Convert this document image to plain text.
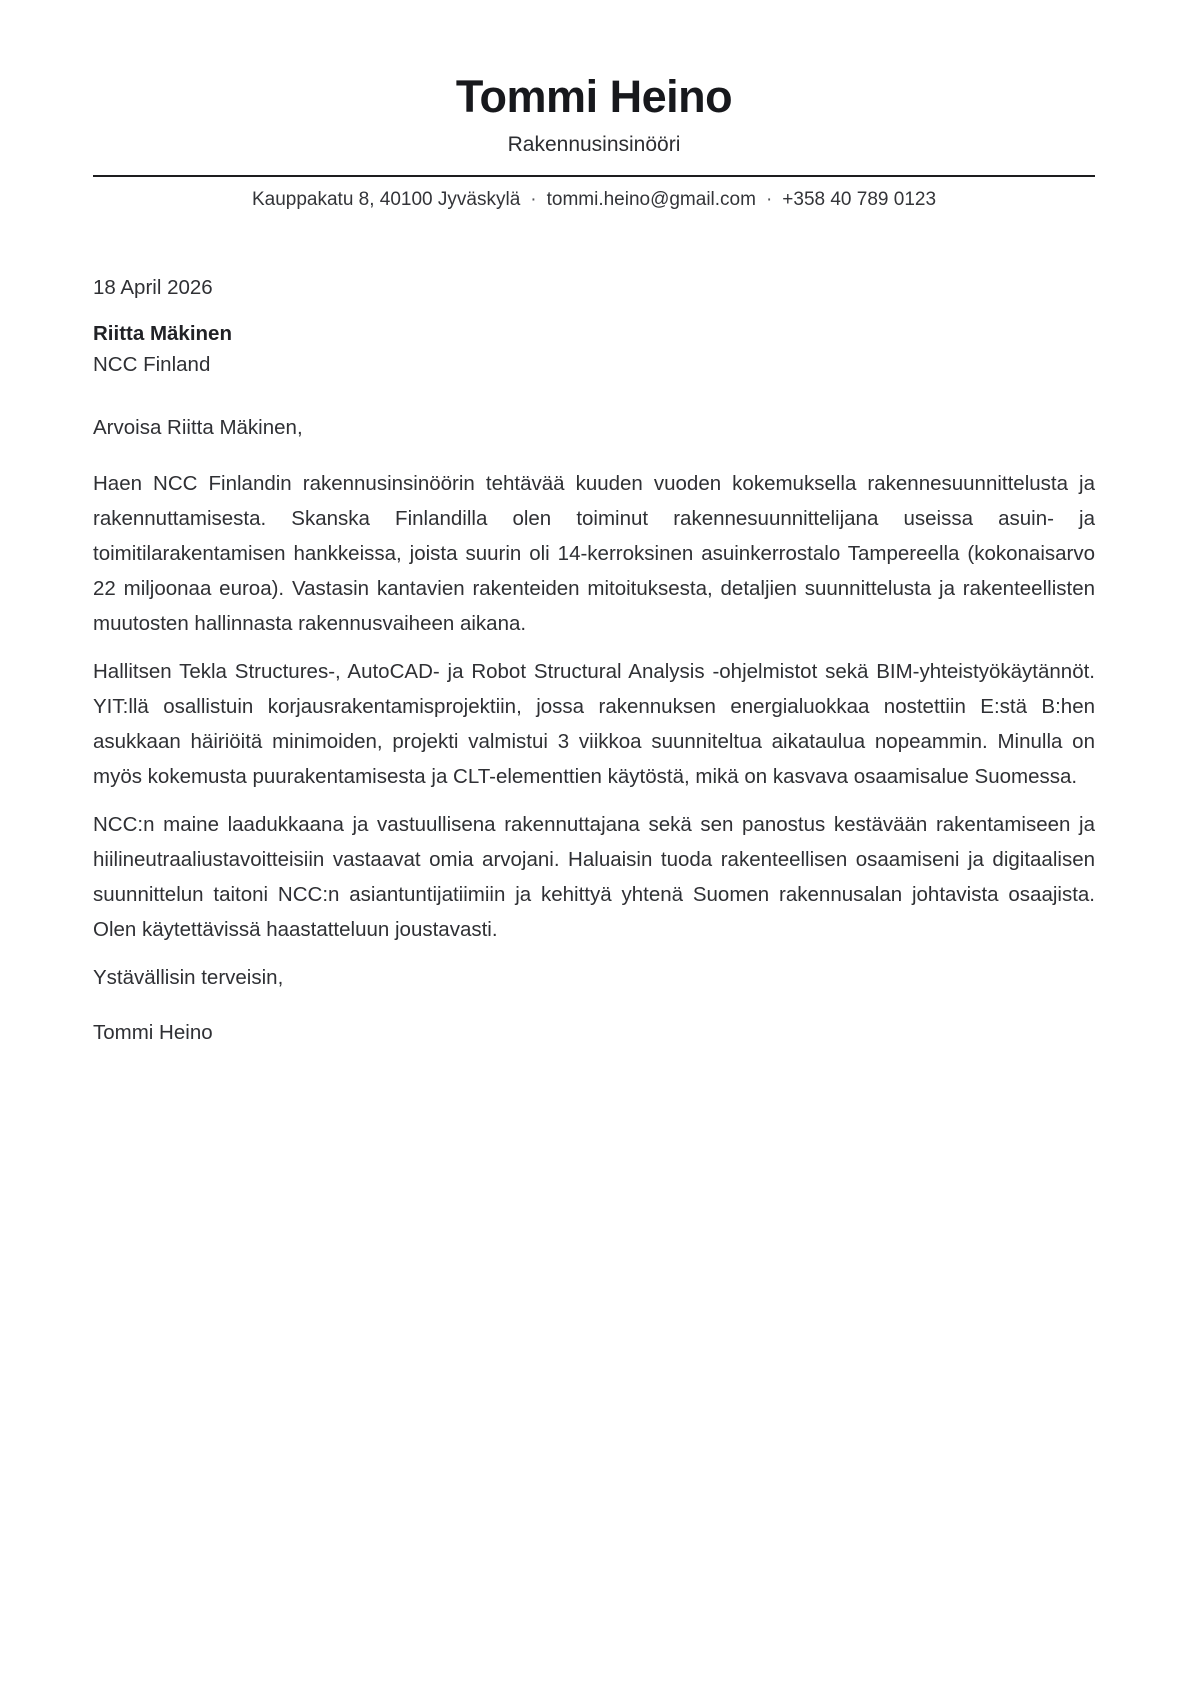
Tommi Heino

Rakennusinsinööri

Kauppakatu 8, 40100 Jyväskylä · tommi.heino@gmail.com · +358 40 789 0123

18 April 2026

Riitta Mäkinen
NCC Finland

Arvoisa Riitta Mäkinen,

Haen NCC Finlandin rakennusinsinöörin tehtävää kuuden vuoden kokemuksella rakennesuunnittelusta ja rakennuttamisesta. Skanska Finlandilla olen toiminut rakennesuunnittelijana useissa asuin- ja toimitilarakentamisen hankkeissa, joista suurin oli 14-kerroksinen asuinkerrostalo Tampereella (kokonaisarvo 22 miljoonaa euroa). Vastasin kantavien rakenteiden mitoituksesta, detaljien suunnittelusta ja rakenteellisten muutosten hallinnasta rakennusvaiheen aikana.

Hallitsen Tekla Structures-, AutoCAD- ja Robot Structural Analysis -ohjelmistot sekä BIM-yhteistyökäytännöt. YIT:llä osallistuin korjausrakentamisprojektiin, jossa rakennuksen energialuokkaa nostettiin E:stä B:hen asukkaan häiriöitä minimoiden, projekti valmistui 3 viikkoa suunniteltua aikataulua nopeammin. Minulla on myös kokemusta puurakentamisesta ja CLT-elementtien käytöstä, mikä on kasvava osaamisalue Suomessa.

NCC:n maine laadukkaana ja vastuullisena rakennuttajana sekä sen panostus kestävään rakentamiseen ja hiilineutraaliustavoitteisiin vastaavat omia arvojani. Haluaisin tuoda rakenteellisen osaamiseni ja digitaalisen suunnittelun taitoni NCC:n asiantuntijatiimiin ja kehittyä yhtenä Suomen rakennusalan johtavista osaajista. Olen käytettävissä haastatteluun joustavasti.

Ystävällisin terveisin,

Tommi Heino
